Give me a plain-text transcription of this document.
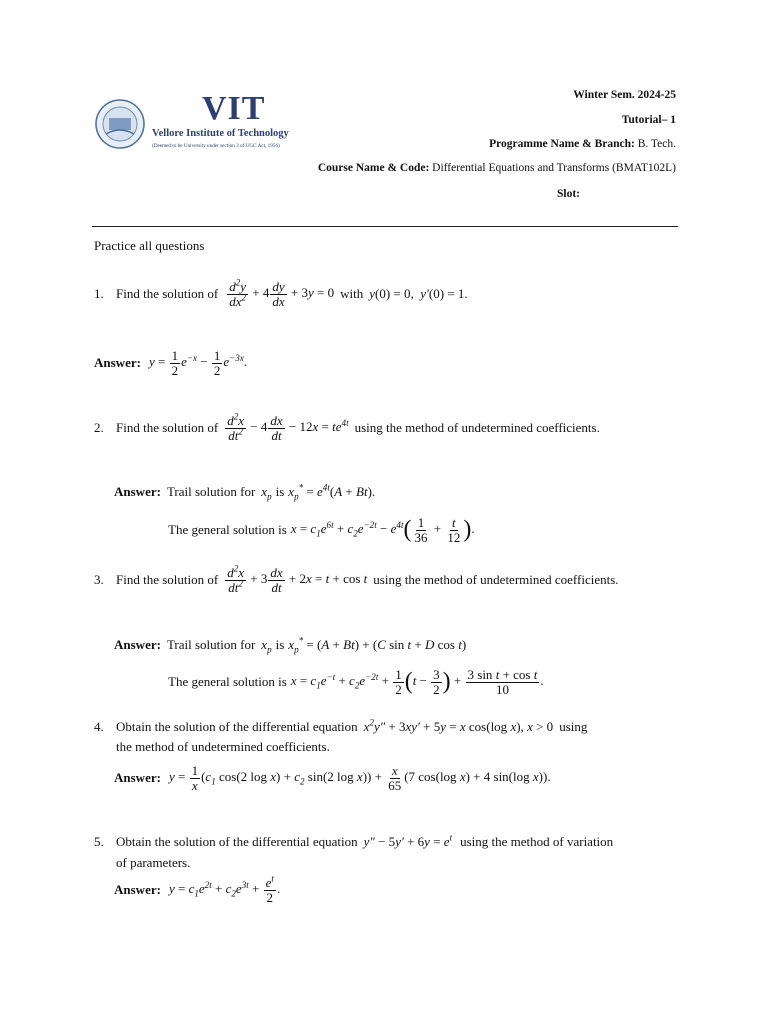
VIT
Vellore Institute of Technology
(Deemed to be University under section 3 of UGC Act, 1956)
Winter Sem. 2024-25
Tutorial– 1
Programme Name & Branch: B. Tech.
Course Name & Code: Differential Equations and Transforms (BMAT102L)
Slot:
Practice all questions
1. Find the solution of $\frac{d^2y}{dx^2} + 4 \frac{dy}{dx} + 3y = 0$ with y(0) = 0,  y′(0) = 1.
Answer: $y = \frac{1}{2} e^{-x} - \frac{1}{2} e^{-3x}$.
2. Find the solution of $\frac{d^2x}{dt^2} - 4 \frac{dx}{dt} - 12x = te^{4t}$ using the method of undetermined coefficients.
Answer: Trail solution for $x_p$ is $x_p^* = e^{4t}(A + Bt)$.
The general solution is $x = c_1e^{6t} + c_2e^{-2t} - e^{4t}( \frac{1}{36} + \frac{t}{12}$ ).
3. Find the solution of $\frac{d^2x}{dt^2} + 3 \frac{dx}{dt} + 2x = t + \cos t$ using the method of undetermined coefficients.
Answer: Trail solution for $x_p$ is $x_p^* = (A + Bt) + (C$ sin t + D cos t)
The general solution is $x = c_1e^{-t} + c_2e^{-2t} + \frac{1}{2} (t - \frac{3}{2}$ ) + $\frac{\text{3 sin t + cos t}}{10}$ .
4. Obtain the solution of the differential equation $x^2y'' + 3xy' + 5y = x$ cos(log x), x > 0 using
the method of undetermined coefficients.
Answer: $y = \frac{1}{x} (c_1$ cos(2 $\log x) + c_2$ sin(2 $\log x)) + \frac{x}{65} (7$ cos(log x) + 4 sin(log x)).
5. Obtain the solution of the differential equation $y'' - 5y' + 6y = e^t$ using the method of variation
of parameters.
Answer: $y = c_1e^{2t} + c_2e^{3t} + \frac{e^t}{2}$ .
